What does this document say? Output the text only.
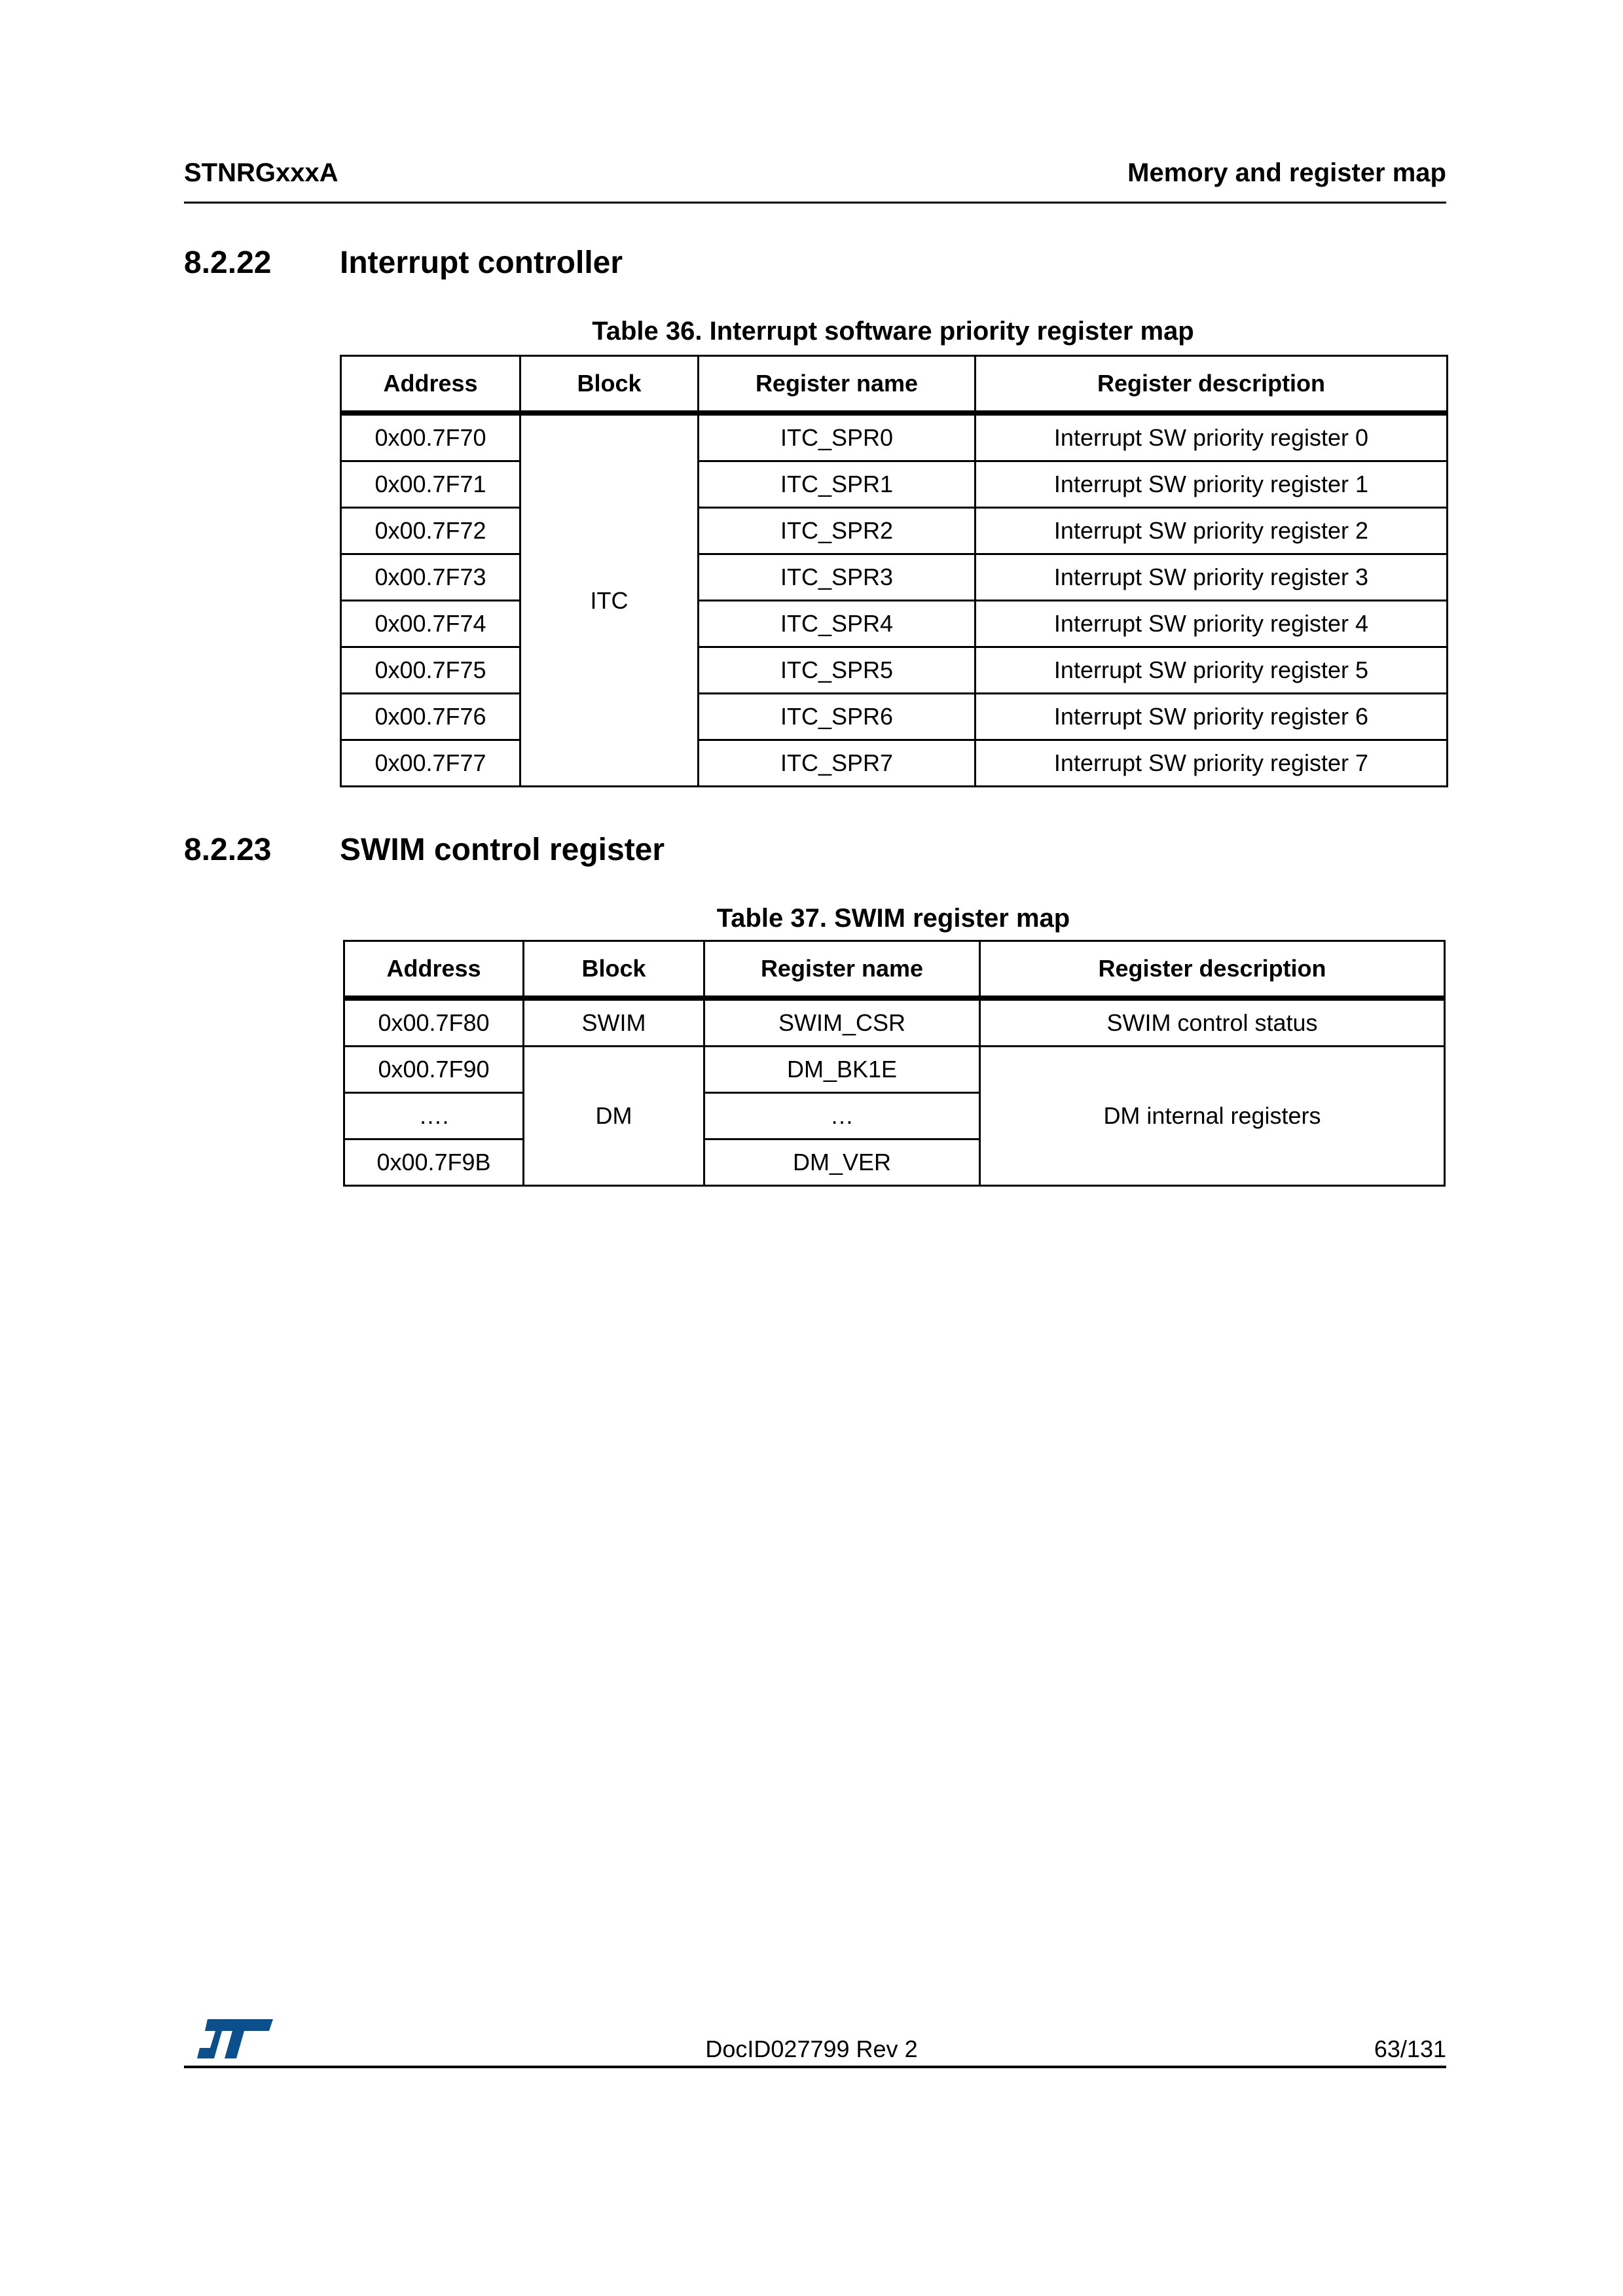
STNRGxxxA	Memory and register map
8.2.22 Interrupt controller
Table 36. Interrupt software priority register map
Address	Block	Register name	Register description
0x00.7F70	ITC	ITC_SPR0	Interrupt SW priority register 0
0x00.7F71		ITC_SPR1	Interrupt SW priority register 1
0x00.7F72		ITC_SPR2	Interrupt SW priority register 2
0x00.7F73		ITC_SPR3	Interrupt SW priority register 3
0x00.7F74		ITC_SPR4	Interrupt SW priority register 4
0x00.7F75		ITC_SPR5	Interrupt SW priority register 5
0x00.7F76		ITC_SPR6	Interrupt SW priority register 6
0x00.7F77		ITC_SPR7	Interrupt SW priority register 7
8.2.23 SWIM control register
Table 37. SWIM register map
Address	Block	Register name	Register description
0x00.7F80	SWIM	SWIM_CSR	SWIM control status
0x00.7F90	DM	DM_BK1E	DM internal registers
….		…	
0x00.7F9B		DM_VER	
DocID027799 Rev 2	63/131
